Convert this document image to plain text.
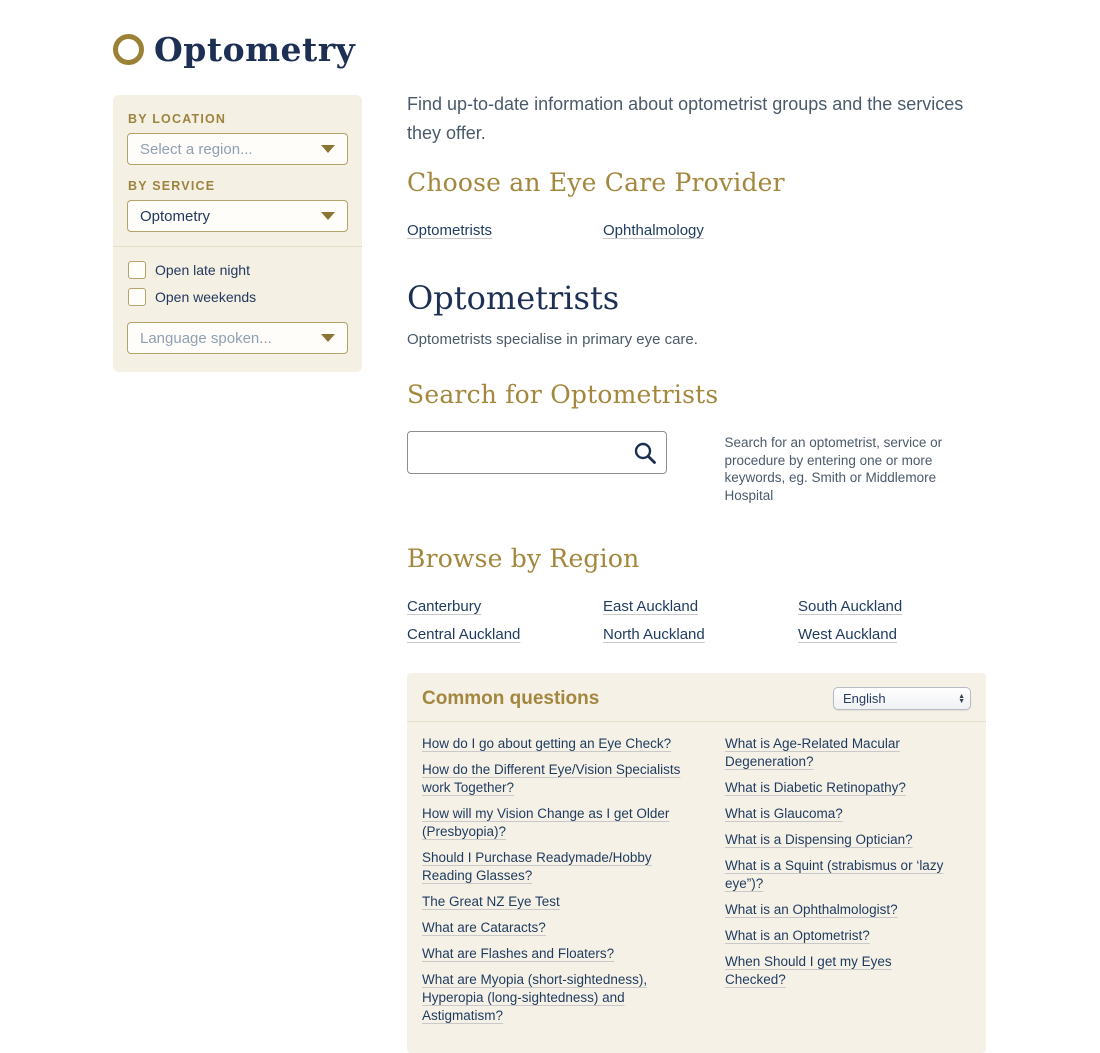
Optometry
BY LOCATION
Select a region...
BY SERVICE
Optometry
Open late night
Open weekends
Language spoken...

Find up-to-date information about optometrist groups and the services they offer.

Choose an Eye Care Provider
Optometrists	Ophthalmology
Optometrists

Optometrists specialise in primary eye care.

Search for Optometrists
Search for an optometrist, service or procedure by entering one or more keywords, eg. Smith or Middlemore Hospital
Browse by Region
Canterbury	East Auckland	South Auckland
Central Auckland	North Auckland	West Auckland
Common questions	English	▲
▼
How do I go about getting an Eye Check?
How do the Different Eye/Vision Specialists work Together?
How will my Vision Change as I get Older (Presbyopia)?
Should I Purchase Readymade/Hobby Reading Glasses?
The Great NZ Eye Test
What are Cataracts?
What are Flashes and Floaters?
What are Myopia (short-sightedness), Hyperopia (long-sightedness) and Astigmatism?
What is Age-Related Macular Degeneration?
What is Diabetic Retinopathy?
What is Glaucoma?
What is a Dispensing Optician?
What is a Squint (strabismus or ‘lazy eye”)?
What is an Ophthalmologist?
What is an Optometrist?
When Should I get my Eyes Checked?
